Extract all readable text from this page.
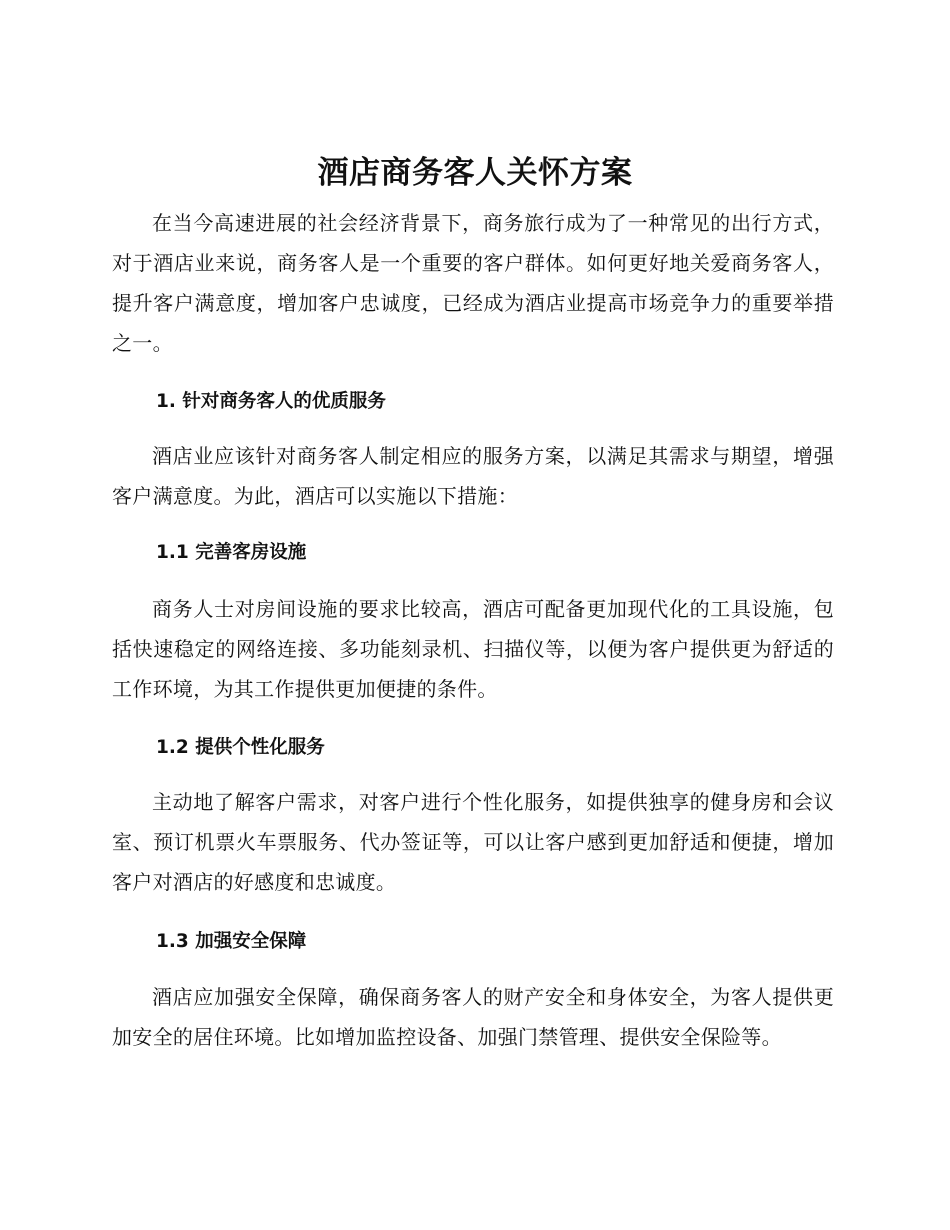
酒店商务客人关怀方案

在当今高速进展的社会经济背景下，商务旅行成为了一种常见的出行方式，对于酒店业来说，商务客人是一个重要的客户群体。如何更好地关爱商务客人，提升客户满意度，增加客户忠诚度，已经成为酒店业提高市场竞争力的重要举措之一。

1. 针对商务客人的优质服务

酒店业应该针对商务客人制定相应的服务方案，以满足其需求与期望，增强客户满意度。为此，酒店可以实施以下措施：

1.1 完善客房设施

商务人士对房间设施的要求比较高，酒店可配备更加现代化的工具设施，包括快速稳定的网络连接、多功能刻录机、扫描仪等，以便为客户提供更为舒适的工作环境，为其工作提供更加便捷的条件。

1.2 提供个性化服务

主动地了解客户需求，对客户进行个性化服务，如提供独享的健身房和会议室、预订机票火车票服务、代办签证等，可以让客户感到更加舒适和便捷，增加客户对酒店的好感度和忠诚度。

1.3 加强安全保障

酒店应加强安全保障，确保商务客人的财产安全和身体安全，为客人提供更加安全的居住环境。比如增加监控设备、加强门禁管理、提供安全保险等。
